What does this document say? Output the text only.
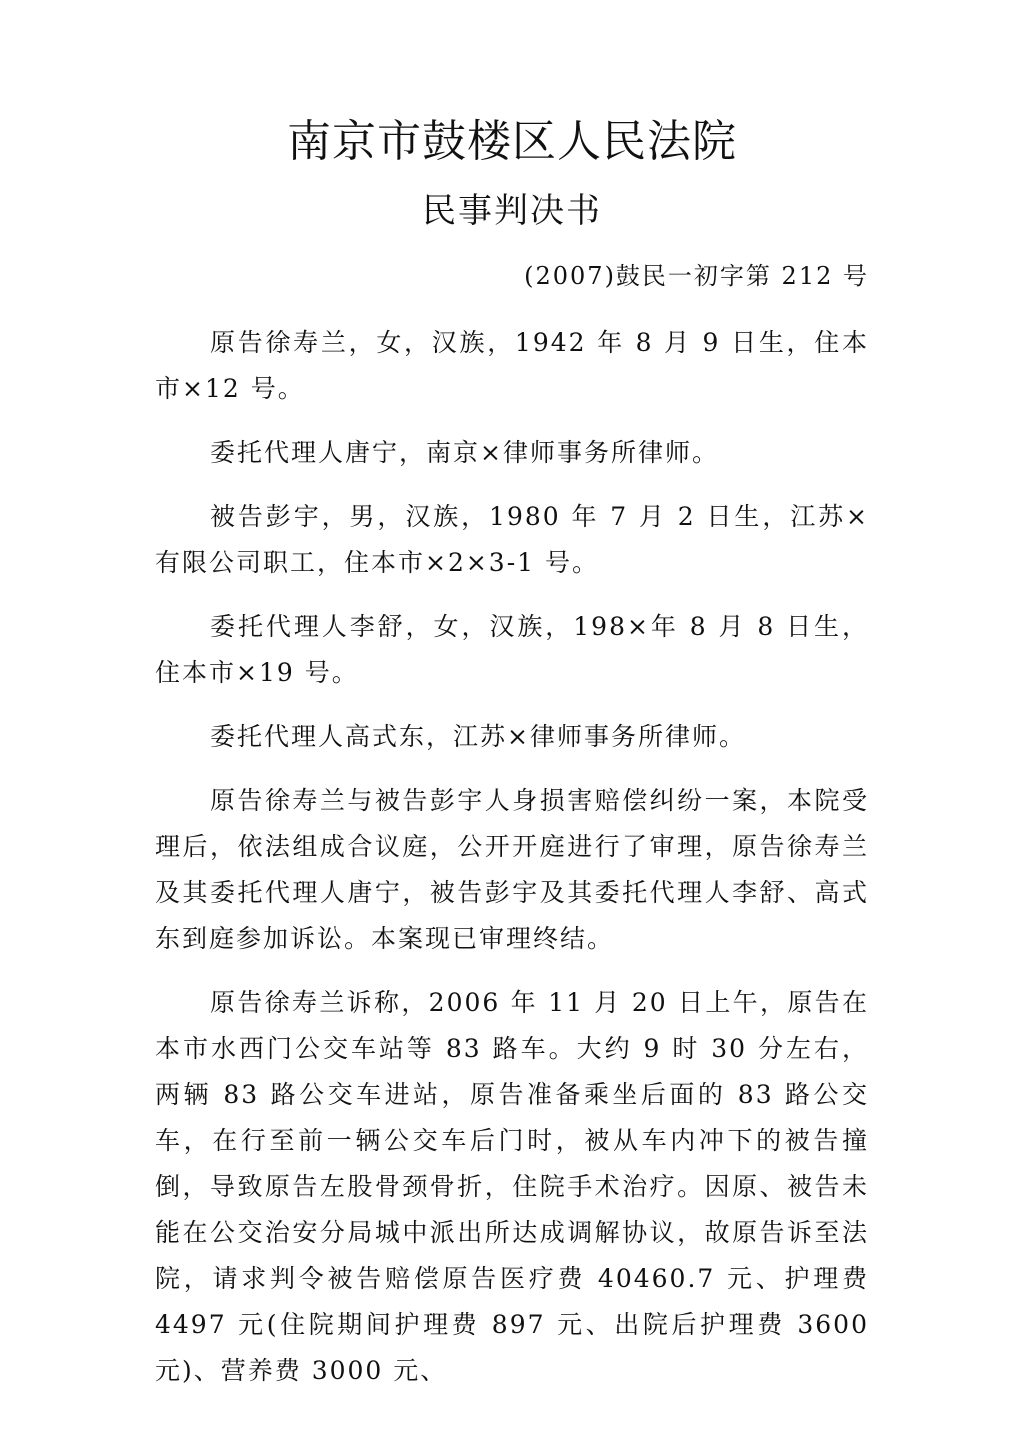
南京市鼓楼区人民法院
民事判决书
(2007)鼓民一初字第 212 号

原告徐寿兰，女，汉族，1942 年 8 月 9 日生，住本市×12 号。

委托代理人唐宁，南京×律师事务所律师。

被告彭宇，男，汉族，1980 年 7 月 2 日生，江苏×有限公司职工，住本市×2×3-1 号。

委托代理人李舒，女，汉族，198×年 8 月 8 日生，住本市×19 号。

委托代理人高式东，江苏×律师事务所律师。

原告徐寿兰与被告彭宇人身损害赔偿纠纷一案，本院受理后，依法组成合议庭，公开开庭进行了审理，原告徐寿兰及其委托代理人唐宁，被告彭宇及其委托代理人李舒、高式东到庭参加诉讼。本案现已审理终结。

原告徐寿兰诉称，2006 年 11 月 20 日上午，原告在本市水西门公交车站等 83 路车。大约 9 时 30 分左右，两辆 83 路公交车进站，原告准备乘坐后面的 83 路公交车，在行至前一辆公交车后门时，被从车内冲下的被告撞倒，导致原告左股骨颈骨折，住院手术治疗。因原、被告未能在公交治安分局城中派出所达成调解协议，故原告诉至法院，请求判令被告赔偿原告医疗费 40460.7 元、护理费 4497 元(住院期间护理费 897 元、出院后护理费 3600 元)、营养费 3000 元、
